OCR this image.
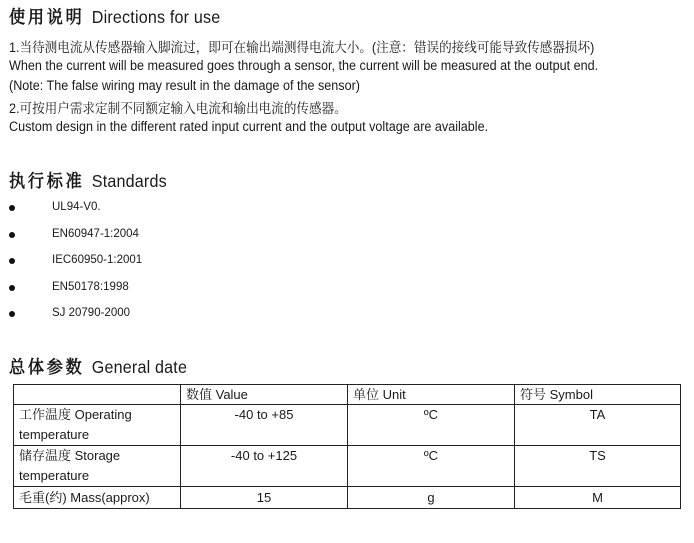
使用说明 Directions for use
1.当待测电流从传感器输入脚流过，即可在输出端测得电流大小。(注意：错误的接线可能导致传感器损坏)
When the current will be measured goes through a sensor, the current will be measured at the output end.
(Note: The false wiring may result in the damage of the sensor)
2.可按用户需求定制不同额定输入电流和输出电流的传感器。
Custom design in the different rated input current and the output voltage are available.
执行标准 Standards
UL94-V0.
EN60947-1:2004
IEC60950-1:2001
EN50178:1998
SJ 20790-2000
总体参数 General date
	数值 Value	单位 Unit	符号 Symbol
工作温度 Operating temperature	-40 to +85	ºC	TA
储存温度 Storage temperature	-40 to +125	ºC	TS
毛重(约) Mass(approx)	15	g	M
